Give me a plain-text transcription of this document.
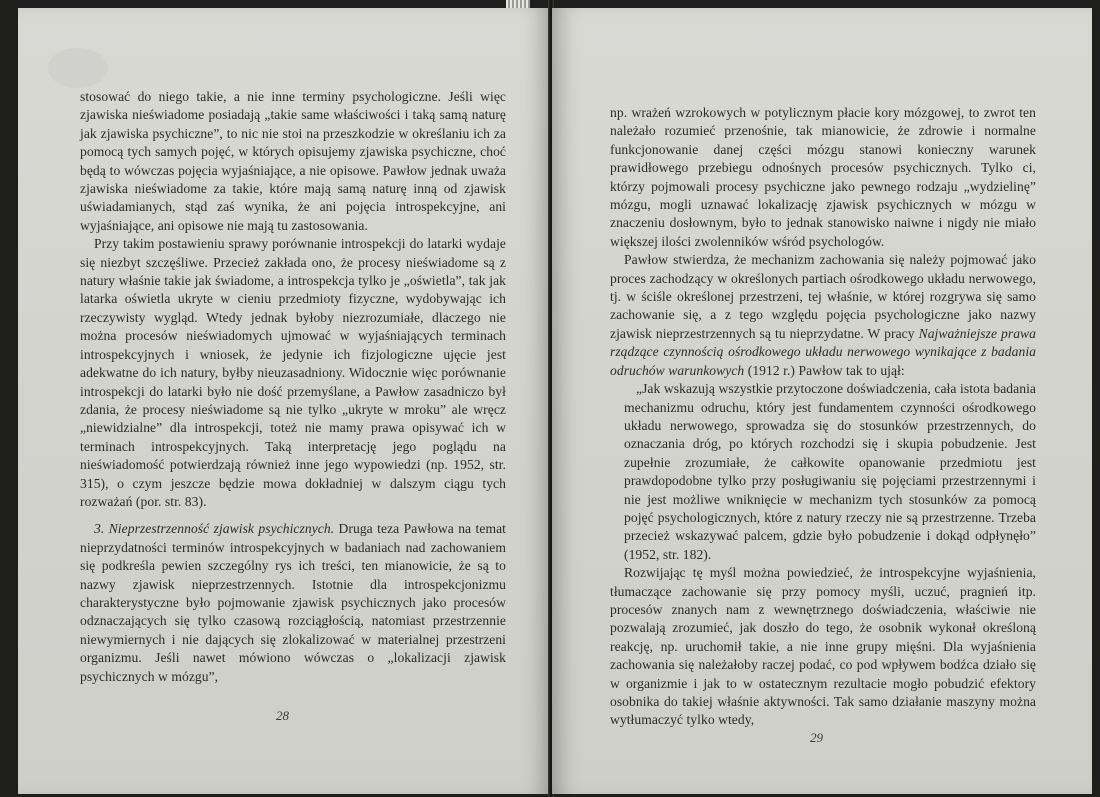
stosować do niego takie, a nie inne terminy psychologiczne. Jeśli więc zjawiska nieświadome posiadają „takie same właściwości i taką samą naturę jak zjawiska psychiczne”, to nic nie stoi na przeszkodzie w określaniu ich za pomocą tych samych pojęć, w których opisujemy zjawiska psychiczne, choć będą to wówczas pojęcia wyjaśniające, a nie opisowe. Pawłow jednak uważa zjawiska nieświadome za takie, które mają samą naturę inną od zjawisk uświadamianych, stąd zaś wynika, że ani pojęcia introspekcyjne, ani wyjaśniające, ani opisowe nie mają tu zastosowania.

Przy takim postawieniu sprawy porównanie introspekcji do latarki wydaje się niezbyt szczęśliwe. Przecież zakłada ono, że procesy nieświadome są z natury właśnie takie jak świadome, a introspekcja tylko je „oświetla”, tak jak latarka oświetla ukryte w cieniu przedmioty fizyczne, wydobywając ich rzeczywisty wygląd. Wtedy jednak byłoby niezrozumiałe, dlaczego nie można procesów nieświadomych ujmować w wyjaśniających terminach introspekcyjnych i wniosek, że jedynie ich fizjologiczne ujęcie jest adekwatne do ich natury, byłby nieuzasadniony. Widocznie więc porównanie introspekcji do latarki było nie dość przemyślane, a Pawłow zasadniczo był zdania, że procesy nieświadome są nie tylko „ukryte w mroku” ale wręcz „niewidzialne” dla introspekcji, toteż nie mamy prawa opisywać ich w terminach introspekcyjnych. Taką interpretację jego poglądu na nieświadomość potwierdzają również inne jego wypowiedzi (np. 1952, str. 315), o czym jeszcze będzie mowa dokładniej w dalszym ciągu tych rozważań (por. str. 83).

3. Nieprzestrzenność zjawisk psychicznych. Druga teza Pawłowa na temat nieprzydatności terminów introspekcyjnych w badaniach nad zachowaniem się podkreśla pewien szczególny rys ich treści, ten mianowicie, że są to nazwy zjawisk nieprzestrzennych. Istotnie dla introspekcjonizmu charakterystyczne było pojmowanie zjawisk psychicznych jako procesów odznaczających się tylko czasową rozciągłością, natomiast przestrzennie niewymiernych i nie dających się zlokalizować w materialnej przestrzeni organizmu. Jeśli nawet mówiono wówczas o „lokalizacji zjawisk psychicznych w mózgu”,

28

np. wrażeń wzrokowych w potylicznym płacie kory mózgowej, to zwrot ten należało rozumieć przenośnie, tak mianowicie, że zdrowie i normalne funkcjonowanie danej części mózgu stanowi konieczny warunek prawidłowego przebiegu odnośnych procesów psychicznych. Tylko ci, którzy pojmowali procesy psychiczne jako pewnego rodzaju „wydzielinę” mózgu, mogli uznawać lokalizację zjawisk psychicznych w mózgu w znaczeniu dosłownym, było to jednak stanowisko naiwne i nigdy nie miało większej ilości zwolenników wśród psychologów.

Pawłow stwierdza, że mechanizm zachowania się należy pojmować jako proces zachodzący w określonych partiach ośrodkowego układu nerwowego, tj. w ściśle określonej przestrzeni, tej właśnie, w której rozgrywa się samo zachowanie się, a z tego względu pojęcia psychologiczne jako nazwy zjawisk nieprzestrzennych są tu nieprzydatne. W pracy Najważniejsze prawa rządzące czynnością ośrodkowego układu nerwowego wynikające z badania odruchów warunkowych (1912 r.) Pawłow tak to ujął:

„Jak wskazują wszystkie przytoczone doświadczenia, cała istota badania mechanizmu odruchu, który jest fundamentem czynności ośrodkowego układu nerwowego, sprowadza się do stosunków przestrzennych, do oznaczania dróg, po których rozchodzi się i skupia pobudzenie. Jest zupełnie zrozumiałe, że całkowite opanowanie przedmiotu jest prawdopodobne tylko przy posługiwaniu się pojęciami przestrzennymi i nie jest możliwe wniknięcie w mechanizm tych stosunków za pomocą pojęć psychologicznych, które z natury rzeczy nie są przestrzenne. Trzeba przecież wskazywać palcem, gdzie było pobudzenie i dokąd odpłynęło” (1952, str. 182).

Rozwijając tę myśl można powiedzieć, że introspekcyjne wyjaśnienia, tłumaczące zachowanie się przy pomocy myśli, uczuć, pragnień itp. procesów znanych nam z wewnętrznego doświadczenia, właściwie nie pozwalają zrozumieć, jak doszło do tego, że osobnik wykonał określoną reakcję, np. uruchomił takie, a nie inne grupy mięśni. Dla wyjaśnienia zachowania się należałoby raczej podać, co pod wpływem bodźca działo się w organizmie i jak to w ostatecznym rezultacie mogło pobudzić efektory osobnika do takiej właśnie aktywności. Tak samo działanie maszyny można wytłumaczyć tylko wtedy,

29
